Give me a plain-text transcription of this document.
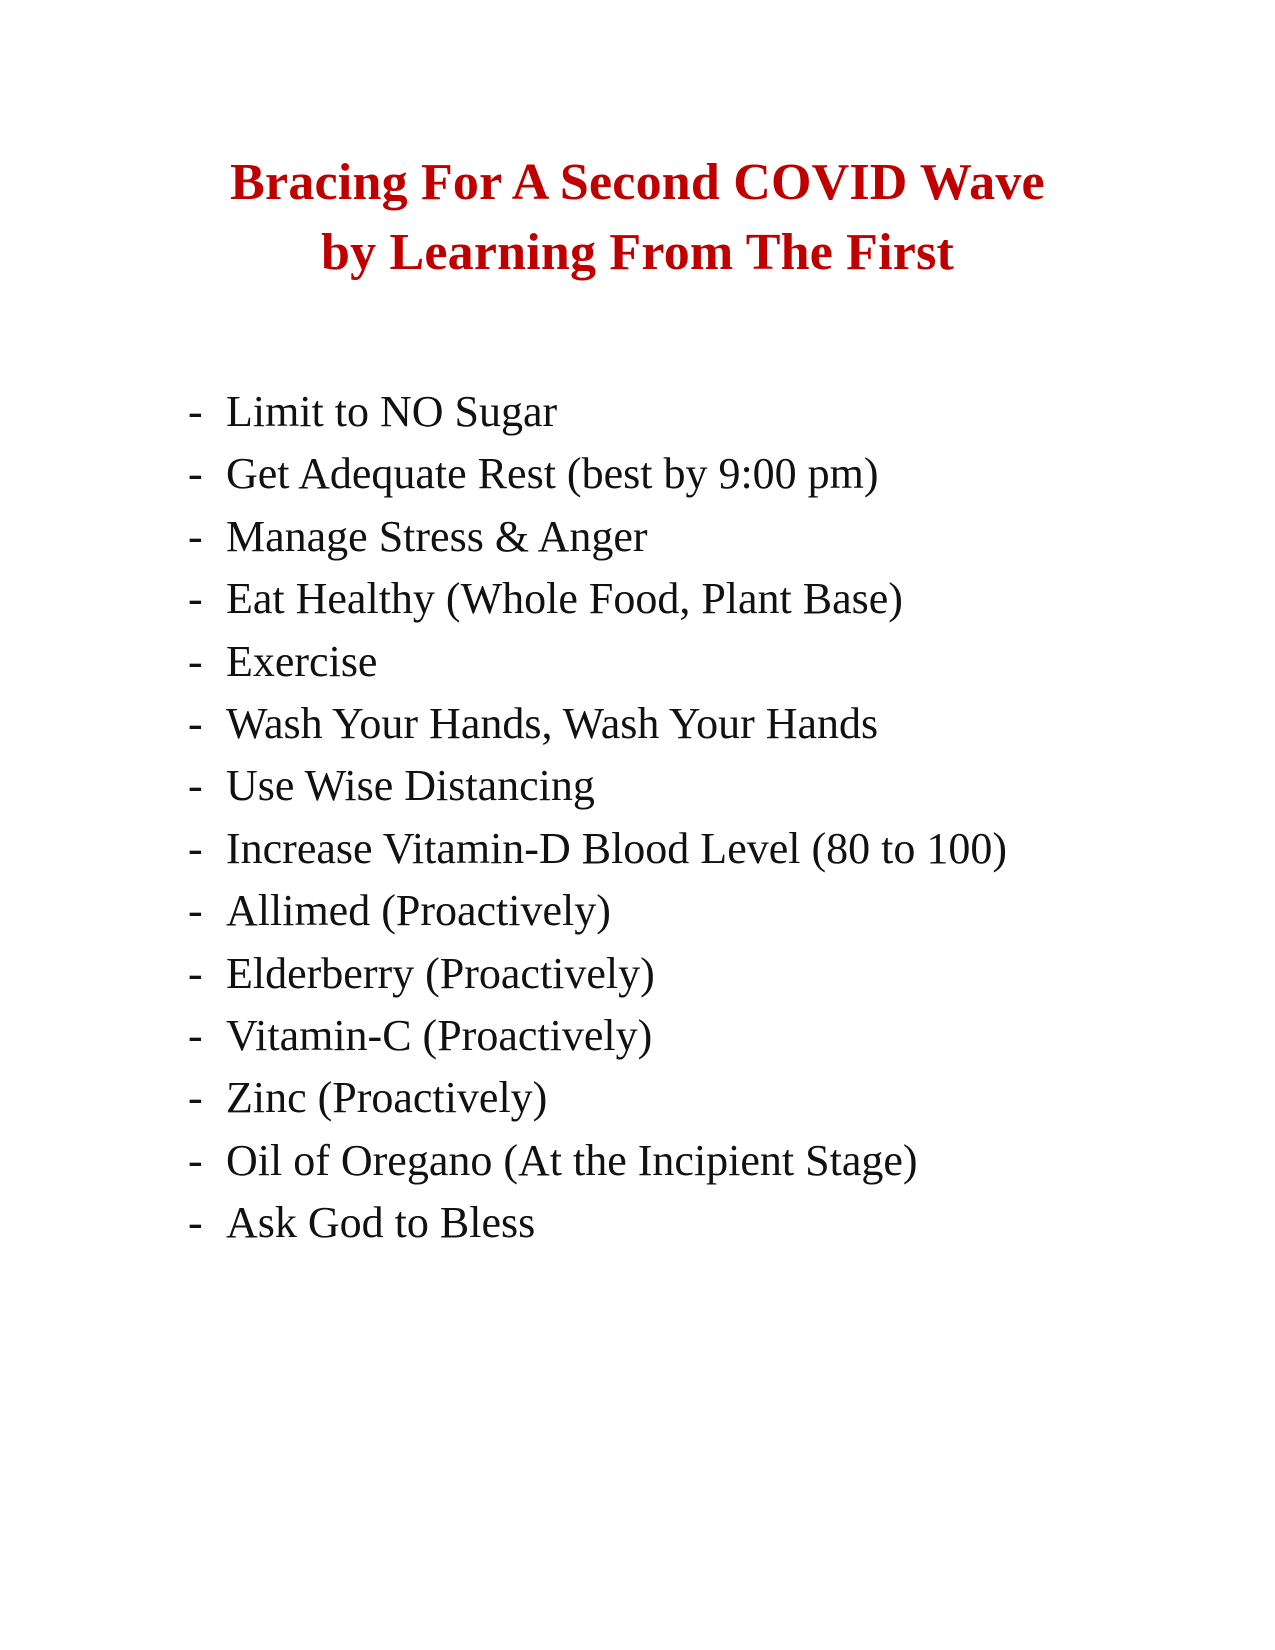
Bracing For A Second COVID Wave
by Learning From The First
- Limit to NO Sugar
- Get Adequate Rest (best by 9:00 pm)
- Manage Stress & Anger
- Eat Healthy (Whole Food, Plant Base)
- Exercise
- Wash Your Hands, Wash Your Hands
- Use Wise Distancing
- Increase Vitamin-D Blood Level (80 to 100)
- Allimed (Proactively)
- Elderberry (Proactively)
- Vitamin-C (Proactively)
- Zinc (Proactively)
- Oil of Oregano (At the Incipient Stage)
- Ask God to Bless
